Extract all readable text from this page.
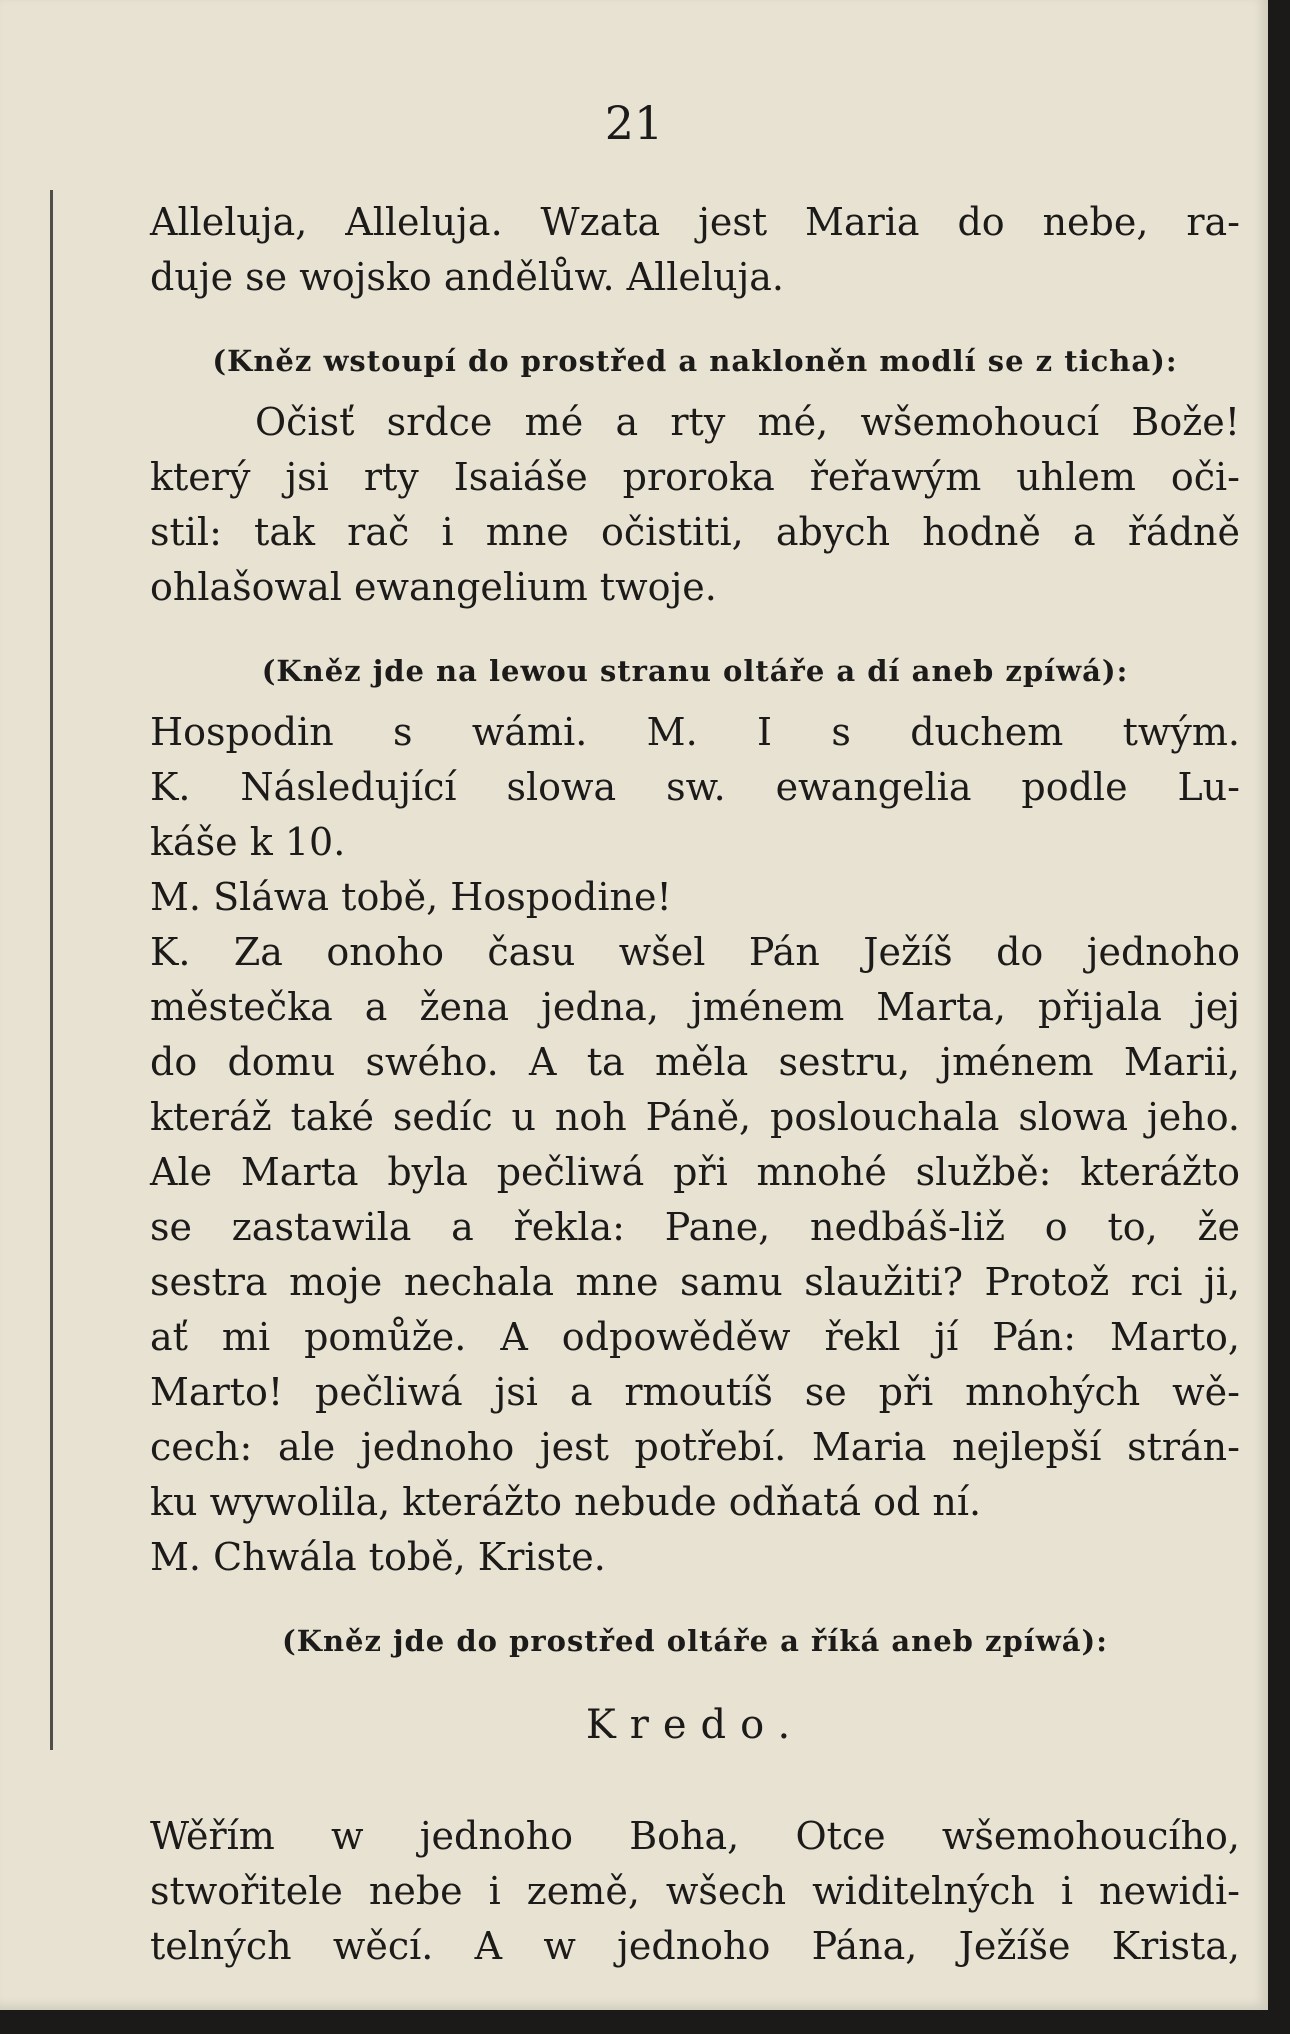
21
Alleluja, Alleluja. Wzata jest Maria do nebe, ra-
duje se wojsko andělůw. Alleluja.
(Kněz wstoupí do prostřed a nakloněn modlí se z ticha):
Očisť srdce mé a rty mé, wšemohoucí Bože!
který jsi rty Isaiáše proroka řeřawým uhlem oči-
stil: tak rač i mne očistiti, abych hodně a řádně
ohlašowal ewangelium twoje.
(Kněz jde na lewou stranu oltáře a dí aneb zpíwá):
Hospodin s wámi. M. I s duchem twým.
K. Následující slowa sw. ewangelia podle Lu-
káše k 10.
M. Sláwa tobě, Hospodine!
K. Za onoho času wšel Pán Ježíš do jednoho
městečka a žena jedna, jménem Marta, přijala jej
do domu swého. A ta měla sestru, jménem Marii,
kteráž také sedíc u noh Páně, poslouchala slowa jeho.
Ale Marta byla pečliwá při mnohé službě: kterážto
se zastawila a řekla: Pane, nedbáš-liž o to, že
sestra moje nechala mne samu slaužiti? Protož rci ji,
ať mi pomůže. A odpowěděw řekl jí Pán: Marto,
Marto! pečliwá jsi a rmoutíš se při mnohých wě-
cech: ale jednoho jest potřebí. Maria nejlepší strán-
ku wywolila, kterážto nebude odňatá od ní.
M. Chwála tobě, Kriste.
(Kněz jde do prostřed oltáře a říká aneb zpíwá):
Kredo.
Wěřím w jednoho Boha, Otce wšemohoucího,
stwořitele nebe i země, wšech widitelných i newidi-
telných wěcí. A w jednoho Pána, Ježíše Krista,
